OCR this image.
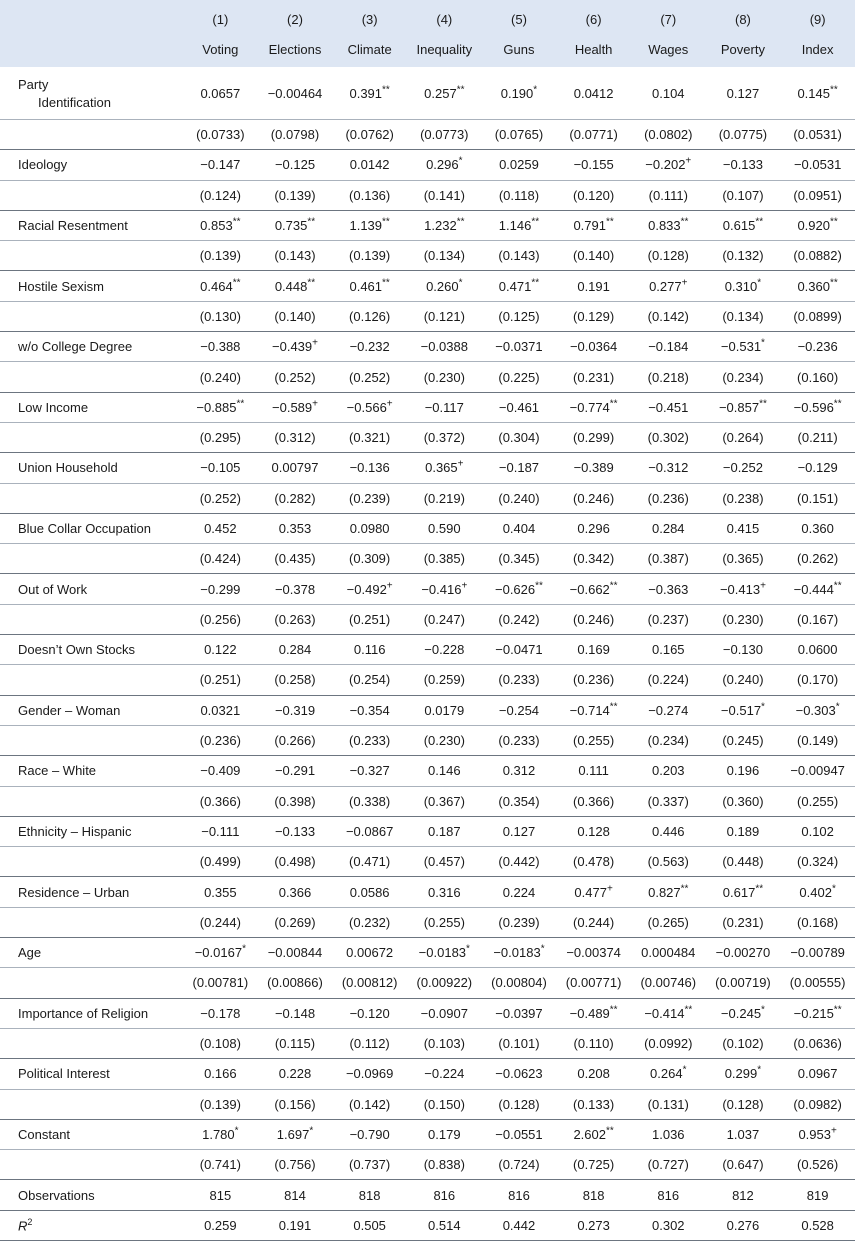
	(1)	(2)	(3)	(4)	(5)	(6)	(7)	(8)	(9)
	Voting	Elections	Climate	Inequality	Guns	Health	Wages	Poverty	Index
Party
Identification	0.0657	−0.00464	0.391**	0.257**	0.190*	0.0412	0.104	0.127	0.145**
	(0.0733)	(0.0798)	(0.0762)	(0.0773)	(0.0765)	(0.0771)	(0.0802)	(0.0775)	(0.0531)
Ideology	−0.147	−0.125	0.0142	0.296*	0.0259	−0.155	−0.202+	−0.133	−0.0531
	(0.124)	(0.139)	(0.136)	(0.141)	(0.118)	(0.120)	(0.111)	(0.107)	(0.0951)
Racial Resentment	0.853**	0.735**	1.139**	1.232**	1.146**	0.791**	0.833**	0.615**	0.920**
	(0.139)	(0.143)	(0.139)	(0.134)	(0.143)	(0.140)	(0.128)	(0.132)	(0.0882)
Hostile Sexism	0.464**	0.448**	0.461**	0.260*	0.471**	0.191	0.277+	0.310*	0.360**
	(0.130)	(0.140)	(0.126)	(0.121)	(0.125)	(0.129)	(0.142)	(0.134)	(0.0899)
w/o College Degree	−0.388	−0.439+	−0.232	−0.0388	−0.0371	−0.0364	−0.184	−0.531*	−0.236
	(0.240)	(0.252)	(0.252)	(0.230)	(0.225)	(0.231)	(0.218)	(0.234)	(0.160)
Low Income	−0.885**	−0.589+	−0.566+	−0.117	−0.461	−0.774**	−0.451	−0.857**	−0.596**
	(0.295)	(0.312)	(0.321)	(0.372)	(0.304)	(0.299)	(0.302)	(0.264)	(0.211)
Union Household	−0.105	0.00797	−0.136	0.365+	−0.187	−0.389	−0.312	−0.252	−0.129
	(0.252)	(0.282)	(0.239)	(0.219)	(0.240)	(0.246)	(0.236)	(0.238)	(0.151)
Blue Collar Occupation	0.452	0.353	0.0980	0.590	0.404	0.296	0.284	0.415	0.360
	(0.424)	(0.435)	(0.309)	(0.385)	(0.345)	(0.342)	(0.387)	(0.365)	(0.262)
Out of Work	−0.299	−0.378	−0.492+	−0.416+	−0.626**	−0.662**	−0.363	−0.413+	−0.444**
	(0.256)	(0.263)	(0.251)	(0.247)	(0.242)	(0.246)	(0.237)	(0.230)	(0.167)
Doesn’t Own Stocks	0.122	0.284	0.116	−0.228	−0.0471	0.169	0.165	−0.130	0.0600
	(0.251)	(0.258)	(0.254)	(0.259)	(0.233)	(0.236)	(0.224)	(0.240)	(0.170)
Gender – Woman	0.0321	−0.319	−0.354	0.0179	−0.254	−0.714**	−0.274	−0.517*	−0.303*
	(0.236)	(0.266)	(0.233)	(0.230)	(0.233)	(0.255)	(0.234)	(0.245)	(0.149)
Race – White	−0.409	−0.291	−0.327	0.146	0.312	0.111	0.203	0.196	−0.00947
	(0.366)	(0.398)	(0.338)	(0.367)	(0.354)	(0.366)	(0.337)	(0.360)	(0.255)
Ethnicity – Hispanic	−0.111	−0.133	−0.0867	0.187	0.127	0.128	0.446	0.189	0.102
	(0.499)	(0.498)	(0.471)	(0.457)	(0.442)	(0.478)	(0.563)	(0.448)	(0.324)
Residence – Urban	0.355	0.366	0.0586	0.316	0.224	0.477+	0.827**	0.617**	0.402*
	(0.244)	(0.269)	(0.232)	(0.255)	(0.239)	(0.244)	(0.265)	(0.231)	(0.168)
Age	−0.0167*	−0.00844	0.00672	−0.0183*	−0.0183*	−0.00374	0.000484	−0.00270	−0.00789
	(0.00781)	(0.00866)	(0.00812)	(0.00922)	(0.00804)	(0.00771)	(0.00746)	(0.00719)	(0.00555)
Importance of Religion	−0.178	−0.148	−0.120	−0.0907	−0.0397	−0.489**	−0.414**	−0.245*	−0.215**
	(0.108)	(0.115)	(0.112)	(0.103)	(0.101)	(0.110)	(0.0992)	(0.102)	(0.0636)
Political Interest	0.166	0.228	−0.0969	−0.224	−0.0623	0.208	0.264*	0.299*	0.0967
	(0.139)	(0.156)	(0.142)	(0.150)	(0.128)	(0.133)	(0.131)	(0.128)	(0.0982)
Constant	1.780*	1.697*	−0.790	0.179	−0.0551	2.602**	1.036	1.037	0.953+
	(0.741)	(0.756)	(0.737)	(0.838)	(0.724)	(0.725)	(0.727)	(0.647)	(0.526)
Observations	815	814	818	816	816	818	816	812	819
$R^2$	0.259	0.191	0.505	0.514	0.442	0.273	0.302	0.276	0.528
